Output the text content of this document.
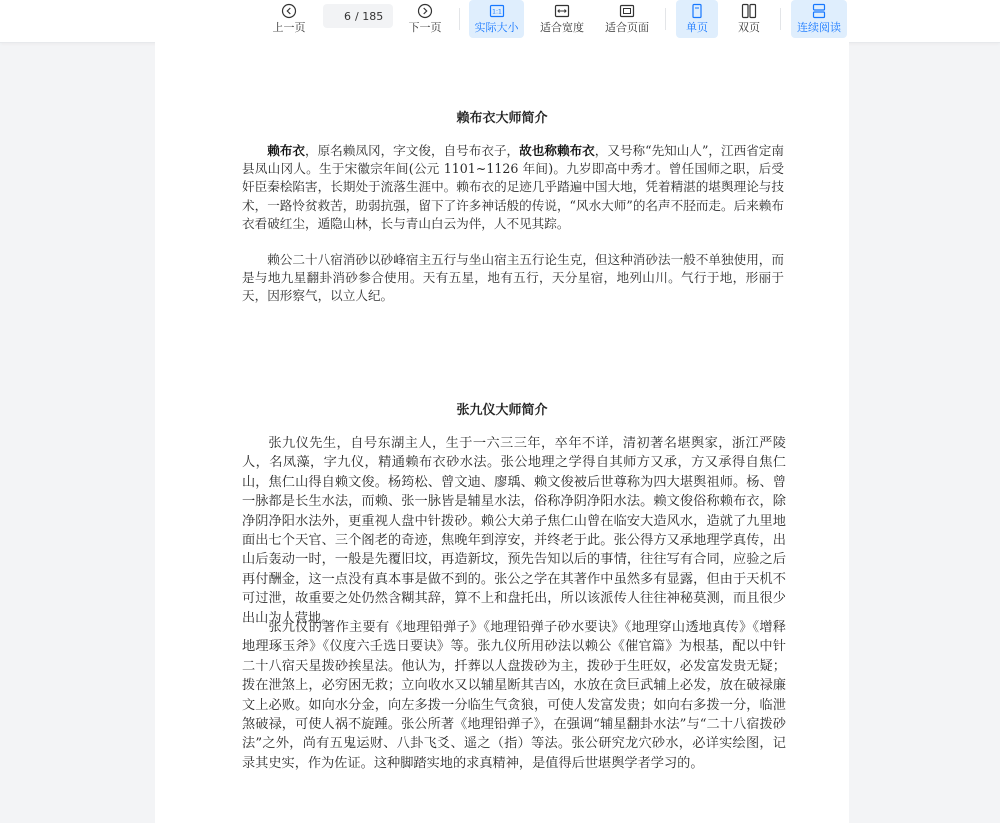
上一页
6
/ 185
下一页
1:1
实际大小 适合宽度 适合页面	单页	双页	连续阅读
赖布衣大师简介

赖布衣，原名赖凤冈，字文俊，自号布衣子，故也称赖布衣，又号称“先知山人”，江西省定南县凤山冈人。生于宋徽宗年间(公元 1101~1126 年间)。九岁即高中秀才。曾任国师之职，后受奸臣秦桧陷害，长期处于流落生涯中。赖布衣的足迹几乎踏遍中国大地，凭着精湛的堪舆理论与技术，一路怜贫救苦，助弱抗强，留下了许多神话般的传说，“风水大师”的名声不胫而走。后来赖布衣看破红尘，遁隐山林，长与青山白云为伴，人不见其踪。

赖公二十八宿消砂以砂峰宿主五行与坐山宿主五行论生克，但这种消砂法一般不单独使用，而是与地九星翻卦消砂参合使用。天有五星，地有五行，天分星宿，地列山川。气行于地，形丽于天，因形察气，以立人纪。

张九仪大师简介

张九仪先生，自号东湖主人，生于一六三三年，卒年不详，清初著名堪舆家，浙江严陵人，名凤藻，字九仪，精通赖布衣砂水法。张公地理之学得自其师方又承，方又承得自焦仁山，焦仁山得自赖文俊。杨筠松、曾文迪、廖瑀、赖文俊被后世尊称为四大堪舆祖师。杨、曾一脉都是长生水法，而赖、张一脉皆是辅星水法，俗称净阴净阳水法。赖文俊俗称赖布衣，除净阴净阳水法外，更重视人盘中针拨砂。赖公大弟子焦仁山曾在临安大造风水，造就了九里地面出七个天官、三个阁老的奇迹，焦晚年到淳安，并终老于此。张公得方又承地理学真传，出山后轰动一时，一般是先覆旧坟，再造新坟，预先告知以后的事情，往往写有合同，应验之后再付酬金，这一点没有真本事是做不到的。张公之学在其著作中虽然多有显露，但由于天机不可过泄，故重要之处仍然含糊其辞，算不上和盘托出，所以该派传人往往神秘莫测，而且很少出山为人营地。

张九仪的著作主要有《地理铅弹子》《地理铅弹子砂水要诀》《地理穿山透地真传》《增释地理琢玉斧》《仪度六壬选日要诀》等。张九仪所用砂法以赖公《催官篇》为根基，配以中针二十八宿天星拨砂挨星法。他认为，扦葬以人盘拨砂为主，拨砂于生旺奴，必发富发贵无疑；拨在泄煞上，必穷困无救；立向收水又以辅星断其吉凶，水放在贪巨武辅上必发，放在破禄廉文上必败。如向水分金，向左多拨一分临生气贪狼，可使人发富发贵；如向右多拨一分，临泄煞破禄，可使人祸不旋踵。张公所著《地理铅弹子》，在强调“辅星翻卦水法”与“二十八宿拨砂法”之外，尚有五鬼运财、八卦飞爻、遥之（指）等法。张公研究龙穴砂水，必详实绘图，记录其史实，作为佐证。这种脚踏实地的求真精神，是值得后世堪舆学者学习的。
